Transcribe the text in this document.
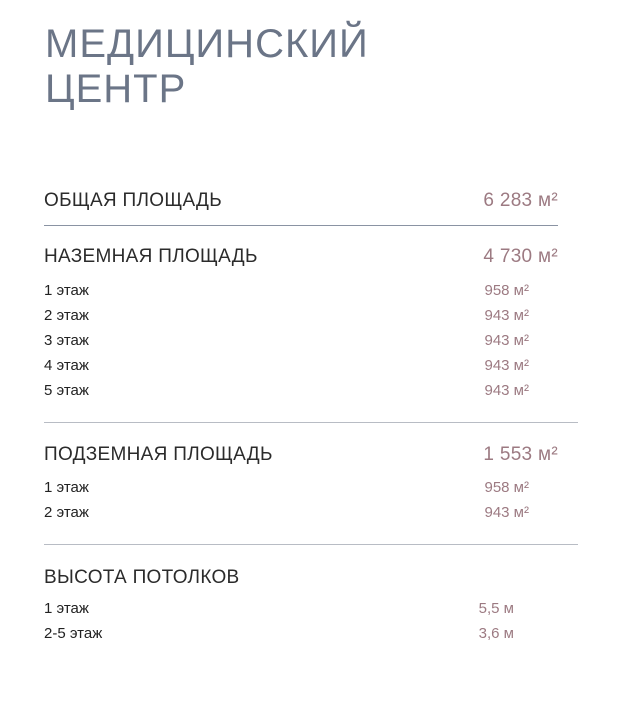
МЕДИЦИНСКИЙ
ЦЕНТР
ОБЩАЯ ПЛОЩАДЬ	6 283 м²
НАЗЕМНАЯ ПЛОЩАДЬ	4 730 м²
1 этаж	958 м²
2 этаж	943 м²
3 этаж	943 м²
4 этаж	943 м²
5 этаж	943 м²
ПОДЗЕМНАЯ ПЛОЩАДЬ	1 553 м²
1 этаж	958 м²
2 этаж	943 м²
ВЫСОТА ПОТОЛКОВ
1 этаж	5,5 м
2-5 этаж	3,6 м
